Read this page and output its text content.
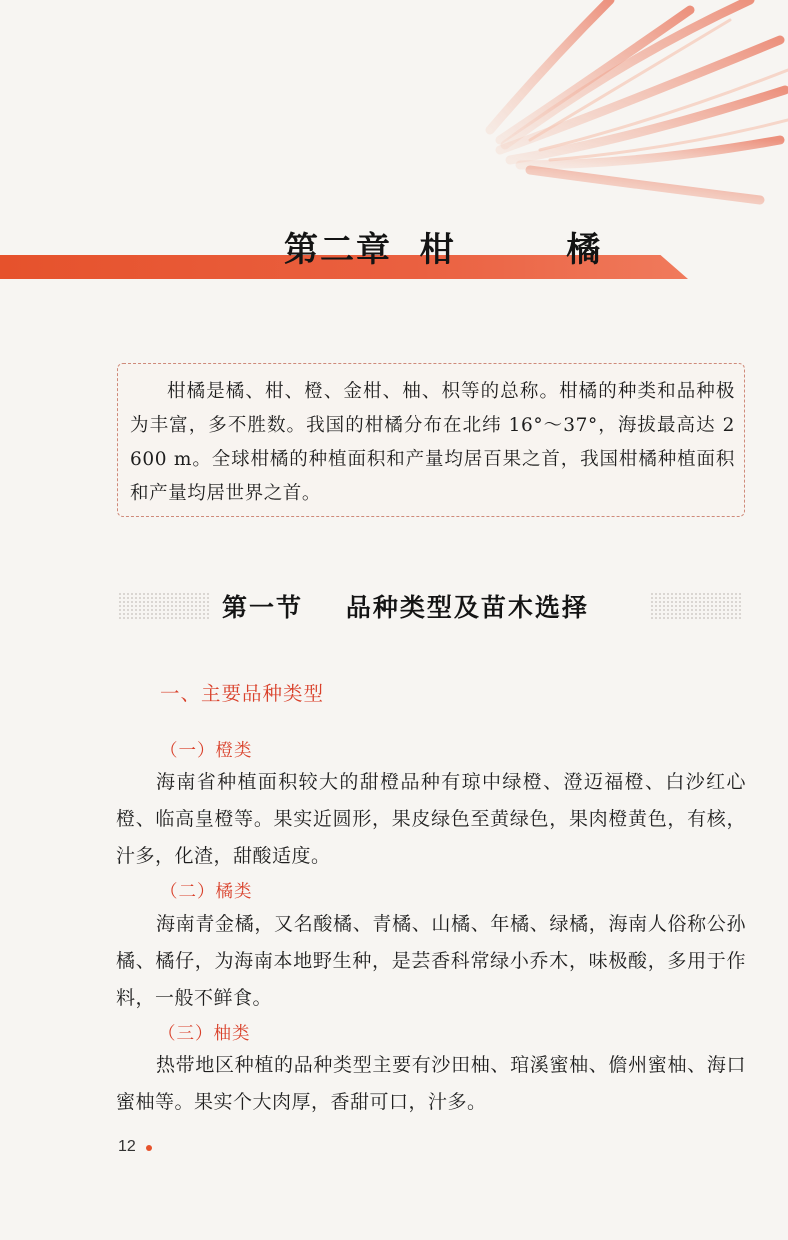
第二章  柑        橘

柑橘是橘、柑、橙、金柑、柚、枳等的总称。柑橘的种类和品种极为丰富，多不胜数。我国的柑橘分布在北纬 16°～37°，海拔最高达 2 600 m。全球柑橘的种植面积和产量均居百果之首，我国柑橘种植面积和产量均居世界之首。

第一节    品种类型及苗木选择
一、主要品种类型
（一）橙类

海南省种植面积较大的甜橙品种有琼中绿橙、澄迈福橙、白沙红心橙、临高皇橙等。果实近圆形，果皮绿色至黄绿色，果肉橙黄色，有核，汁多，化渣，甜酸适度。

（二）橘类

海南青金橘，又名酸橘、青橘、山橘、年橘、绿橘，海南人俗称公孙橘、橘仔，为海南本地野生种，是芸香科常绿小乔木，味极酸，多用于作料，一般不鲜食。

（三）柚类

热带地区种植的品种类型主要有沙田柚、琯溪蜜柚、儋州蜜柚、海口蜜柚等。果实个大肉厚，香甜可口，汁多。

12
